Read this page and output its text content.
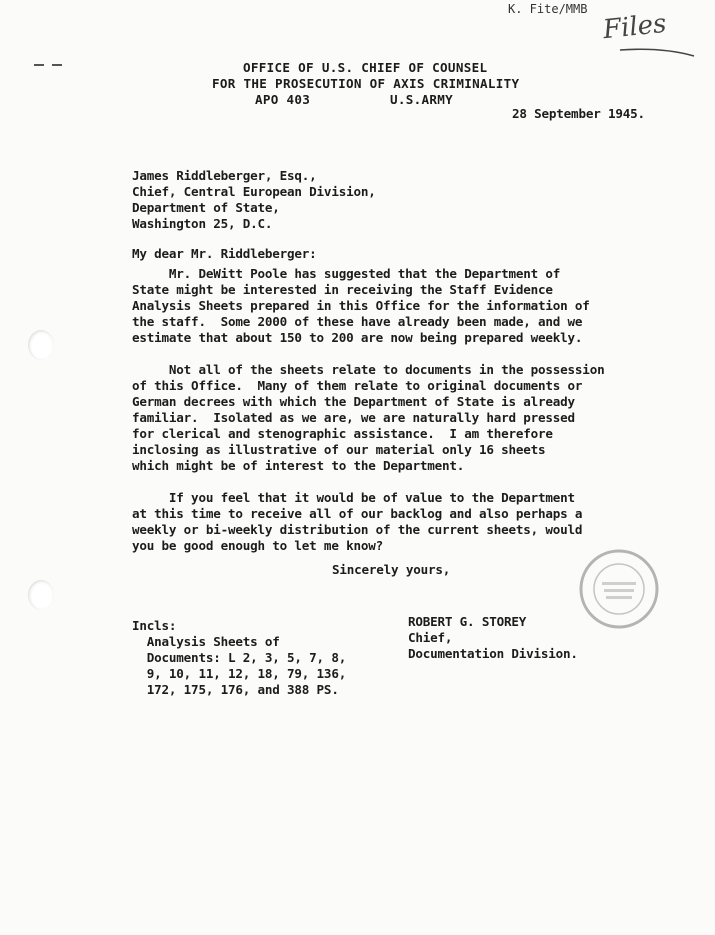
K. Fite/MMB Files
OFFICE OF U.S. CHIEF OF COUNSEL
FOR THE PROSECUTION OF AXIS CRIMINALITY
APO 403	U.S.ARMY
28 September 1945.
James Riddleberger, Esq.,
Chief, Central European Division,
Department of State,
Washington 25, D.C.
My dear Mr. Riddleberger:
Mr. DeWitt Poole has suggested that the Department of
State might be interested in receiving the Staff Evidence
Analysis Sheets prepared in this Office for the information of
the staff.  Some 2000 of these have already been made, and we
estimate that about 150 to 200 are now being prepared weekly.
Not all of the sheets relate to documents in the possession
of this Office.  Many of them relate to original documents or
German decrees with which the Department of State is already
familiar.  Isolated as we are, we are naturally hard pressed
for clerical and stenographic assistance.  I am therefore
inclosing as illustrative of our material only 16 sheets
which might be of interest to the Department.
If you feel that it would be of value to the Department
at this time to receive all of our backlog and also perhaps a
weekly or bi-weekly distribution of the current sheets, would
you be good enough to let me know?
Sincerely yours,
Incls:
Analysis Sheets of
Documents: L 2, 3, 5, 7, 8,
9, 10, 11, 12, 18, 79, 136,
172, 175, 176, and 388 PS.
ROBERT G. STOREY
Chief,
Documentation Division.
